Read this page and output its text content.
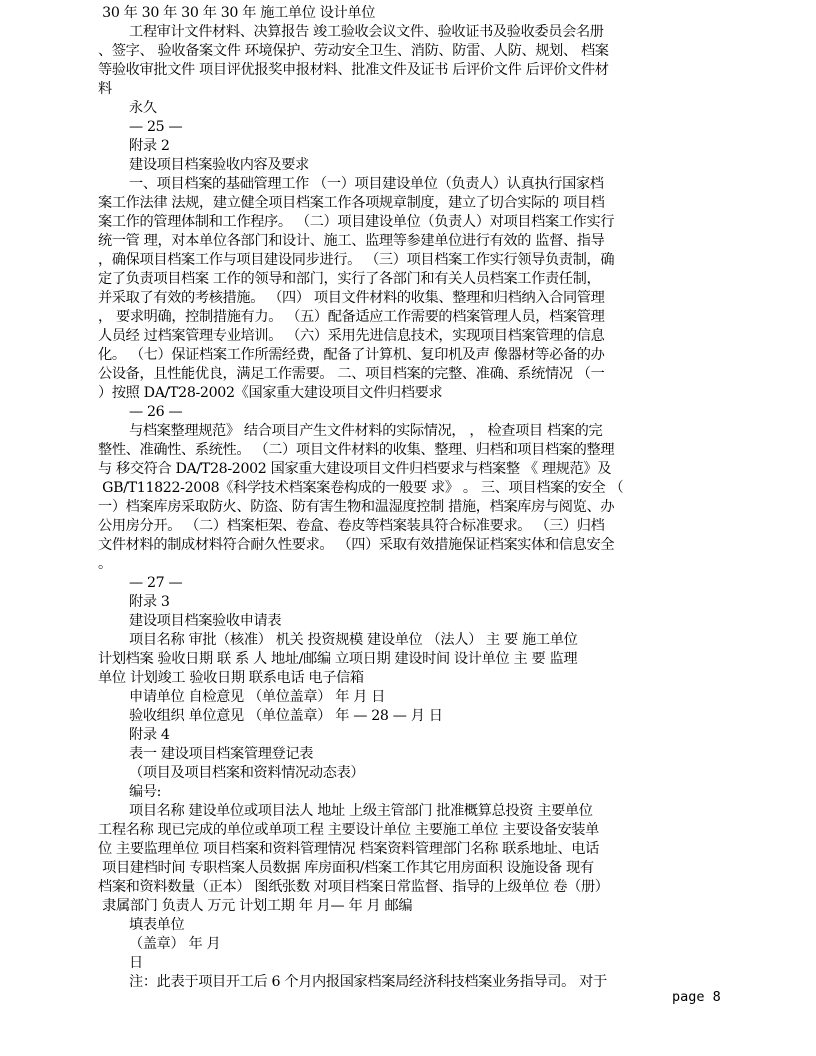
30 年 30 年 30 年 30 年 施工单位 设计单位
工程审计文件材料、决算报告 竣工验收会议文件、验收证书及验收委员会名册
、签字、 验收备案文件 环境保护、劳动安全卫生、消防、防雷、人防、规划、 档案
等验收审批文件 项目评优报奖申报材料、批准文件及证书 后评价文件 后评价文件材
料
永久
— 25 —
附录 2
建设项目档案验收内容及要求
一、项目档案的基础管理工作 （一）项目建设单位（负责人）认真执行国家档
案工作法律 法规，建立健全项目档案工作各项规章制度，建立了切合实际的 项目档
案工作的管理体制和工作程序。 （二）项目建设单位（负责人）对项目档案工作实行
统一管 理，对本单位各部门和设计、施工、监理等参建单位进行有效的 监督、指导
，确保项目档案工作与项目建设同步进行。 （三）项目档案工作实行领导负责制，确
定了负责项目档案 工作的领导和部门，实行了各部门和有关人员档案工作责任制，
并采取了有效的考核措施。 （四） 项目文件材料的收集、整理和归档纳入合同管理
， 要求明确，控制措施有力。 （五）配备适应工作需要的档案管理人员，档案管理
人员经 过档案管理专业培训。 （六）采用先进信息技术，实现项目档案管理的信息
化。 （七）保证档案工作所需经费，配备了计算机、复印机及声 像器材等必备的办
公设备，且性能优良，满足工作需要。 二、项目档案的完整、准确、系统情况 （一
）按照 DA/T28-2002《国家重大建设项目文件归档要求
— 26 —
与档案整理规范》 结合项目产生文件材料的实际情况， ， 检查项目 档案的完
整性、准确性、系统性。 （二）项目文件材料的收集、整理、归档和项目档案的整理
与 移交符合 DA/T28-2002 国家重大建设项目文件归档要求与档案整 《 理规范》及
GB/T11822-2008《科学技术档案案卷构成的一般要 求》 。 三、项目档案的安全 （
一）档案库房采取防火、防盗、防有害生物和温湿度控制 措施，档案库房与阅览、办
公用房分开。 （二）档案柜架、卷盒、卷皮等档案装具符合标准要求。 （三）归档
文件材料的制成材料符合耐久性要求。 （四）采取有效措施保证档案实体和信息安全
。
— 27 —
附录 3
建设项目档案验收申请表
项目名称 审批（核准） 机关 投资规模 建设单位 （法人） 主 要 施工单位
计划档案 验收日期 联 系 人 地址/邮编 立项日期 建设时间 设计单位 主 要 监理
单位 计划竣工 验收日期 联系电话 电子信箱
申请单位 自检意见 （单位盖章） 年 月 日
验收组织 单位意见 （单位盖章） 年 — 28 — 月 日
附录 4
表一 建设项目档案管理登记表
（项目及项目档案和资料情况动态表）
编号:
项目名称 建设单位或项目法人 地址 上级主管部门 批准概算总投资 主要单位
工程名称 现已完成的单位或单项工程 主要设计单位 主要施工单位 主要设备安装单
位 主要监理单位 项目档案和资料管理情况 档案资料管理部门名称 联系地址、电话
项目建档时间 专职档案人员数据 库房面积/档案工作其它用房面积 设施设备 现有
档案和资料数量（正本） 图纸张数 对项目档案日常监督、指导的上级单位 卷（册）
隶属部门 负责人 万元 计划工期 年 月— 年 月 邮编
填表单位
（盖章） 年 月
日
注：此表于项目开工后 6 个月内报国家档案局经济科技档案业务指导司。 对于
page 8
